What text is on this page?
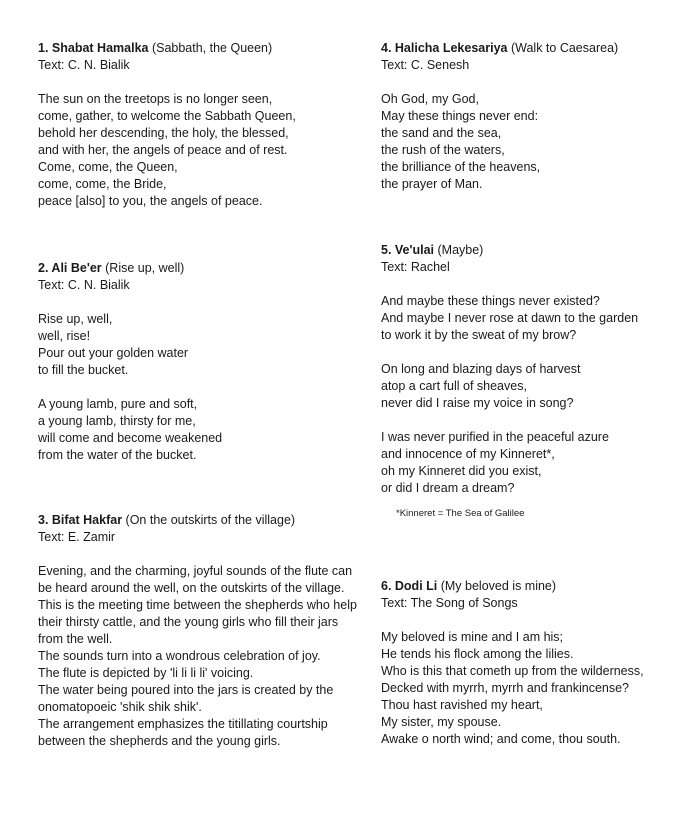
1. Shabat Hamalka (Sabbath, the Queen)
Text: C. N. Bialik
The sun on the treetops is no longer seen,
come, gather, to welcome the Sabbath Queen,
behold her descending, the holy, the blessed,
and with her, the angels of peace and of rest.
Come, come, the Queen,
come, come, the Bride,
peace [also] to you, the angels of peace.
2. Ali Be'er (Rise up, well)
Text: C. N. Bialik
Rise up, well,
well, rise!
Pour out your golden water
to fill the bucket.
A young lamb, pure and soft,
a young lamb, thirsty for me,
will come and become weakened
from the water of the bucket.
3. Bifat Hakfar (On the outskirts of the village)
Text: E. Zamir
Evening, and the charming, joyful sounds of the flute can be heard around the well, on the outskirts of the village.
This is the meeting time between the shepherds who help their thirsty cattle, and the young girls who fill their jars from the well.
The sounds turn into a wondrous celebration of joy.
The flute is depicted by 'li li li li' voicing.
The water being poured into the jars is created by the onomatopoeic 'shik shik shik'.
The arrangement emphasizes the titillating courtship between the shepherds and the young girls.
4. Halicha Lekesariya (Walk to Caesarea)
Text: C. Senesh
Oh God, my God,
May these things never end:
the sand and the sea,
the rush of the waters,
the brilliance of the heavens,
the prayer of Man.
5. Ve'ulai (Maybe)
Text: Rachel
And maybe these things never existed?
And maybe I never rose at dawn to the garden
to work it by the sweat of my brow?
On long and blazing days of harvest
atop a cart full of sheaves,
never did I raise my voice in song?
I was never purified in the peaceful azure
and innocence of my Kinneret*,
oh my Kinneret did you exist,
or did I dream a dream?
*Kinneret = The Sea of Galilee
6. Dodi Li (My beloved is mine)
Text: The Song of Songs
My beloved is mine and I am his;
He tends his flock among the lilies.
Who is this that cometh up from the wilderness,
Decked with myrrh, myrrh and frankincense?
Thou hast ravished my heart,
My sister, my spouse.
Awake o north wind; and come, thou south.
